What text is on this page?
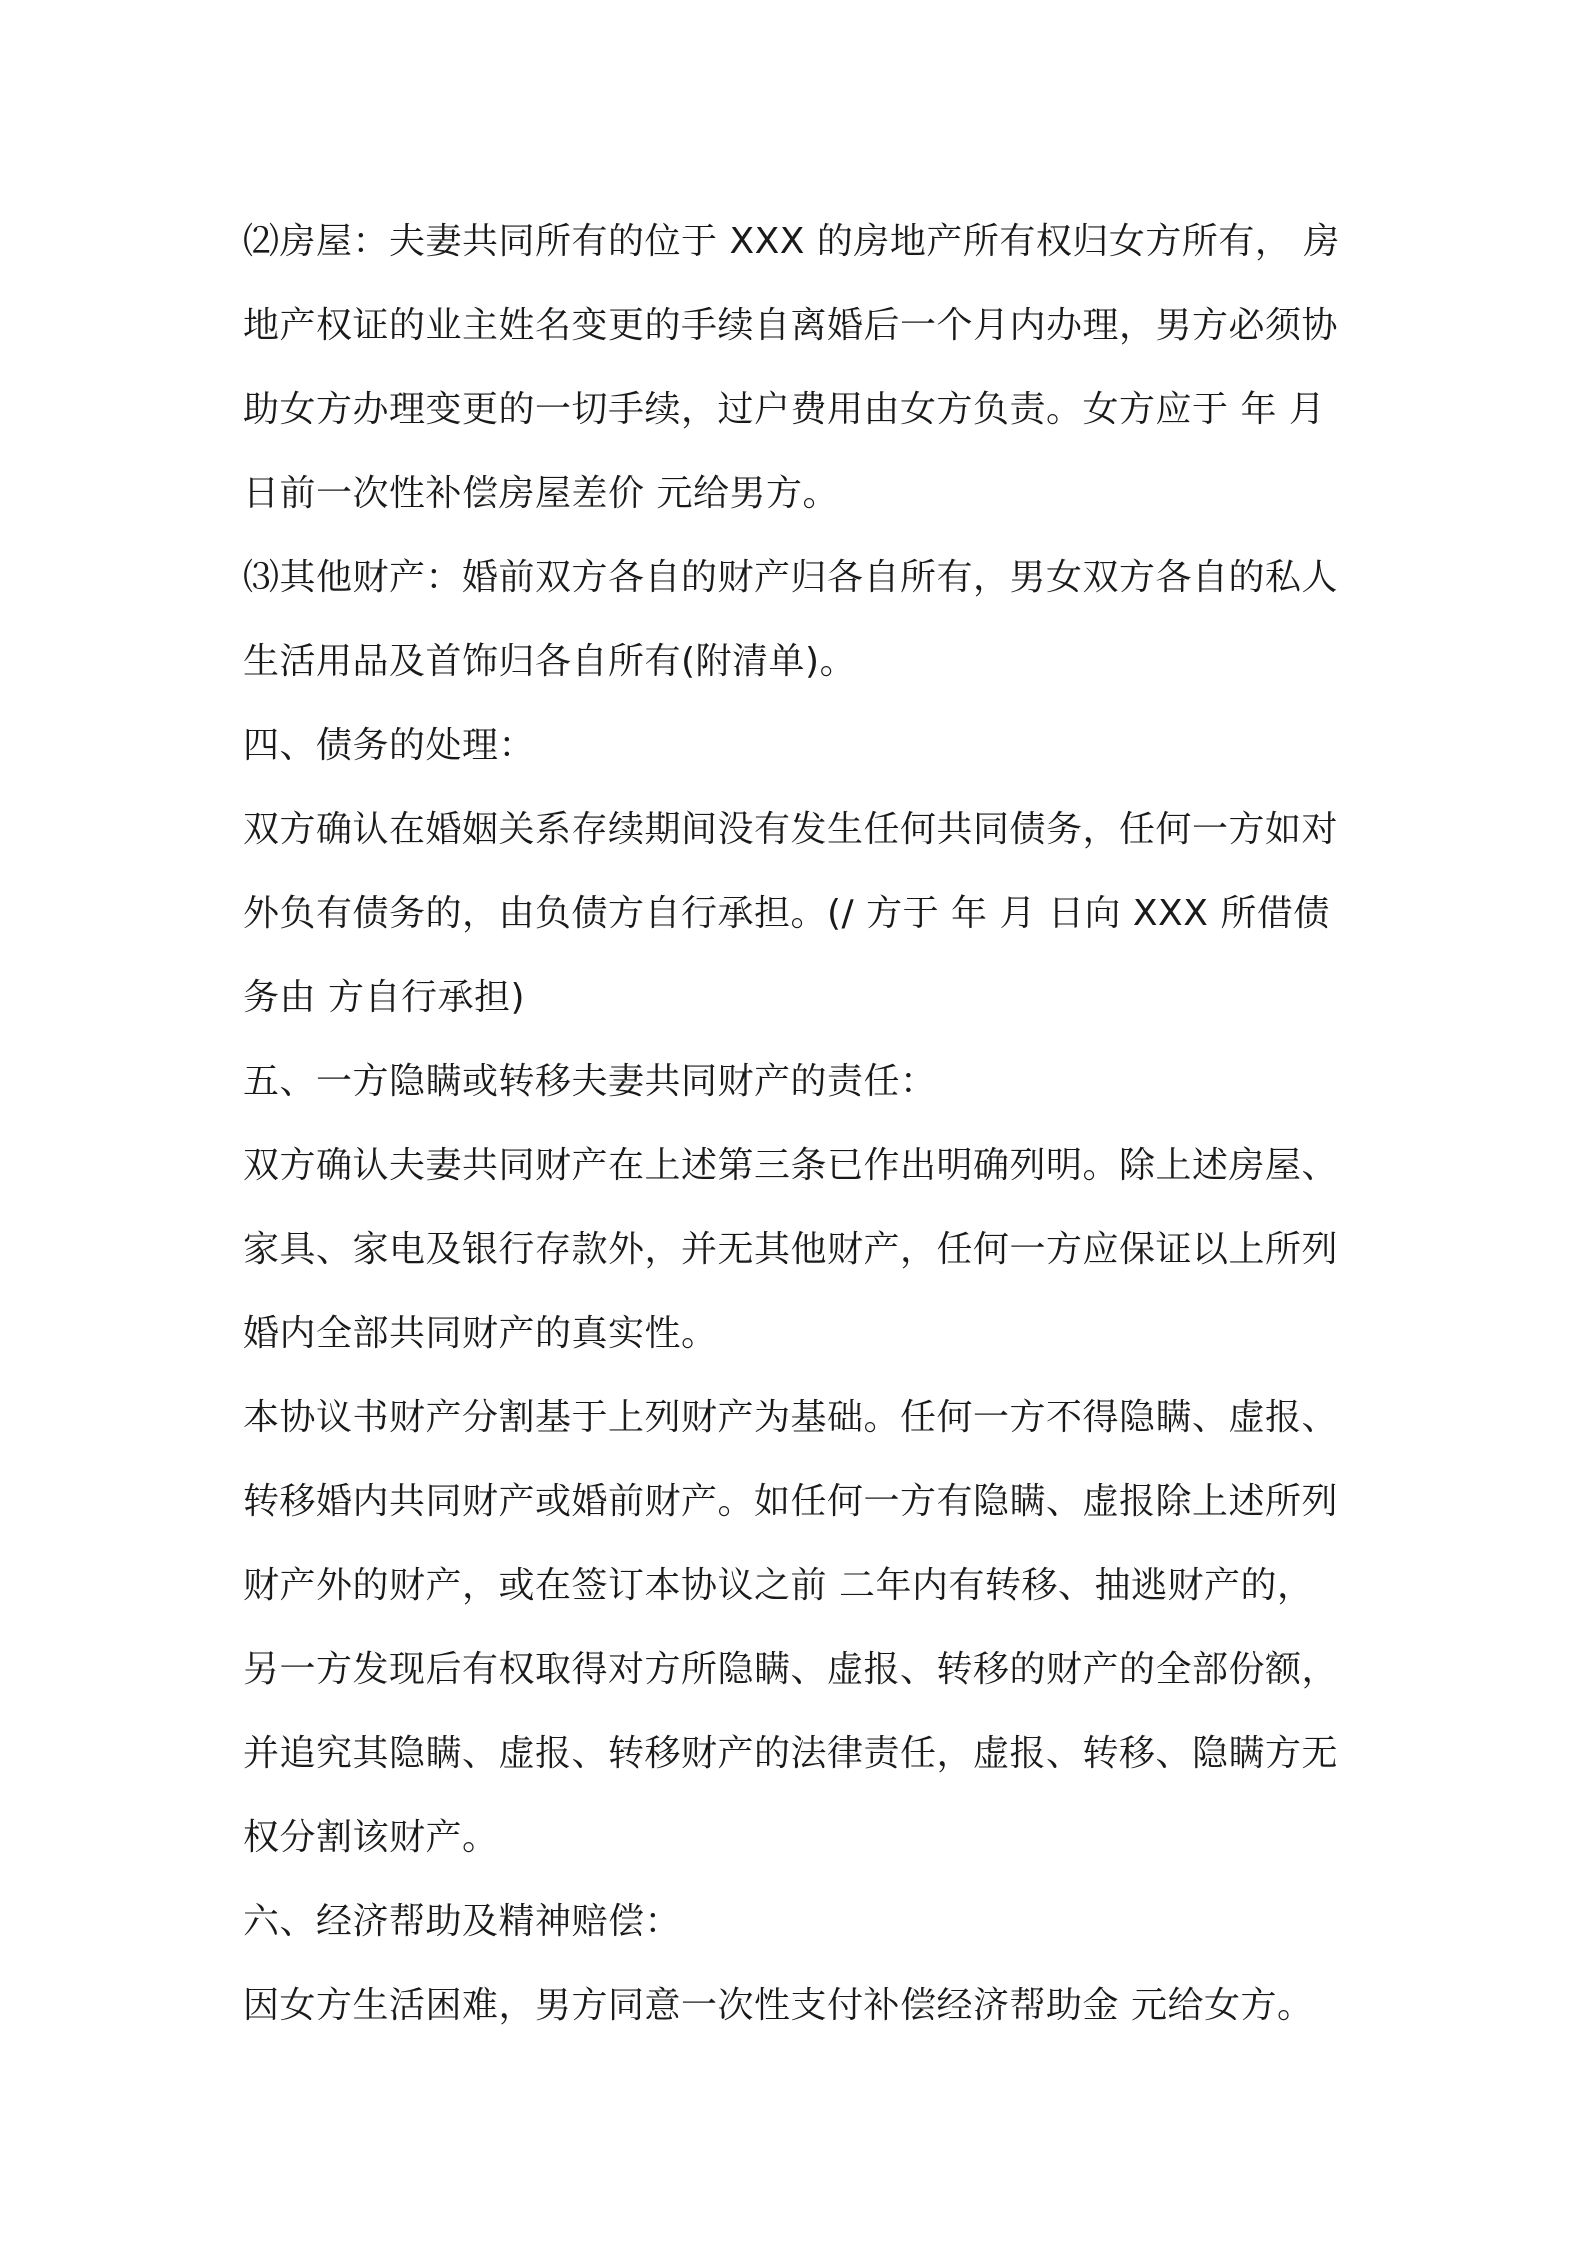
⑵房屋：夫妻共同所有的位于 XXX 的房地产所有权归女方所有， 房
地产权证的业主姓名变更的手续自离婚后一个月内办理，男方必须协
助女方办理变更的一切手续，过户费用由女方负责。女方应于 年 月
日前一次性补偿房屋差价 元给男方。
⑶其他财产：婚前双方各自的财产归各自所有，男女双方各自的私人
生活用品及首饰归各自所有(附清单)。
四、债务的处理：
双方确认在婚姻关系存续期间没有发生任何共同债务，任何一方如对
外负有债务的，由负债方自行承担。(/ 方于 年 月 日向 XXX 所借债
务由 方自行承担)
五、一方隐瞒或转移夫妻共同财产的责任：
双方确认夫妻共同财产在上述第三条已作出明确列明。除上述房屋、
家具、家电及银行存款外，并无其他财产，任何一方应保证以上所列
婚内全部共同财产的真实性。
本协议书财产分割基于上列财产为基础。任何一方不得隐瞒、虚报、
转移婚内共同财产或婚前财产。如任何一方有隐瞒、虚报除上述所列
财产外的财产，或在签订本协议之前 二年内有转移、抽逃财产的，
另一方发现后有权取得对方所隐瞒、虚报、转移的财产的全部份额，
并追究其隐瞒、虚报、转移财产的法律责任，虚报、转移、隐瞒方无
权分割该财产。
六、经济帮助及精神赔偿：
因女方生活困难，男方同意一次性支付补偿经济帮助金 元给女方。
